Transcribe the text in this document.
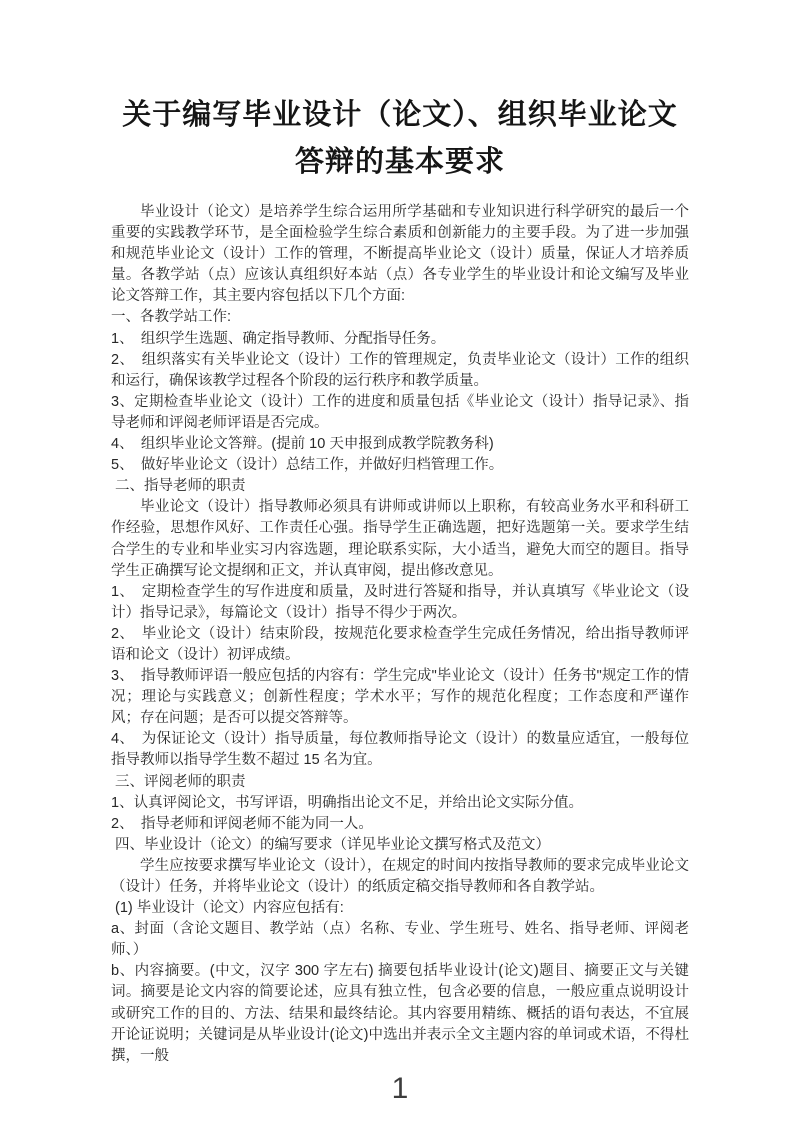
关于编写毕业设计（论文）、组织毕业论文
答辩的基本要求

毕业设计（论文）是培养学生综合运用所学基础和专业知识进行科学研究的最后一个重要的实践教学环节，是全面检验学生综合素质和创新能力的主要手段。为了进一步加强和规范毕业论文（设计）工作的管理，不断提高毕业论文（设计）质量，保证人才培养质量。各教学站（点）应该认真组织好本站（点）各专业学生的毕业设计和论文编写及毕业论文答辩工作，其主要内容包括以下几个方面:

一、各教学站工作:

1、　组织学生选题、确定指导教师、分配指导任务。

2、　组织落实有关毕业论文（设计）工作的管理规定，负责毕业论文（设计）工作的组织和运行，确保该教学过程各个阶段的运行秩序和教学质量。

3、定期检查毕业论文（设计）工作的进度和质量包括《毕业论文（设计）指导记录》、指导老师和评阅老师评语是否完成。

4、　组织毕业论文答辩。(提前 10 天申报到成教学院教务科)

5、　做好毕业论文（设计）总结工作，并做好归档管理工作。

二、指导老师的职责

毕业论文（设计）指导教师必须具有讲师或讲师以上职称，有较高业务水平和科研工作经验，思想作风好、工作责任心强。指导学生正确选题，把好选题第一关。要求学生结合学生的专业和毕业实习内容选题，理论联系实际，大小适当，避免大而空的题目。指导学生正确撰写论文提纲和正文，并认真审阅，提出修改意见。

1、　定期检查学生的写作进度和质量，及时进行答疑和指导，并认真填写《毕业论文（设计）指导记录》，每篇论文（设计）指导不得少于两次。

2、　毕业论文（设计）结束阶段，按规范化要求检查学生完成任务情况，给出指导教师评语和论文（设计）初评成绩。

3、　指导教师评语一般应包括的内容有：学生完成"毕业论文（设计）任务书"规定工作的情况；理论与实践意义；创新性程度；学术水平；写作的规范化程度；工作态度和严谨作风；存在问题；是否可以提交答辩等。

4、　为保证论文（设计）指导质量，每位教师指导论文（设计）的数量应适宜，一般每位指导教师以指导学生数不超过 15 名为宜。

三、评阅老师的职责

1、认真评阅论文，书写评语，明确指出论文不足，并给出论文实际分值。

2、　指导老师和评阅老师不能为同一人。

四、毕业设计（论文）的编写要求（详见毕业论文撰写格式及范文）

学生应按要求撰写毕业论文（设计），在规定的时间内按指导教师的要求完成毕业论文（设计）任务，并将毕业论文（设计）的纸质定稿交指导教师和各自教学站。

(1) 毕业设计（论文）内容应包括有:

a、封面（含论文题目、教学站（点）名称、专业、学生班号、姓名、指导老师、评阅老师、）

b、内容摘要。(中文，汉字 300 字左右) 摘要包括毕业设计(论文)题目、摘要正文与关键词。摘要是论文内容的简要论述，应具有独立性，包含必要的信息，一般应重点说明设计或研究工作的目的、方法、结果和最终结论。其内容要用精练、概括的语句表达，不宜展开论证说明；关键词是从毕业设计(论文)中选出并表示全文主题内容的单词或术语，不得杜撰，一般

1
